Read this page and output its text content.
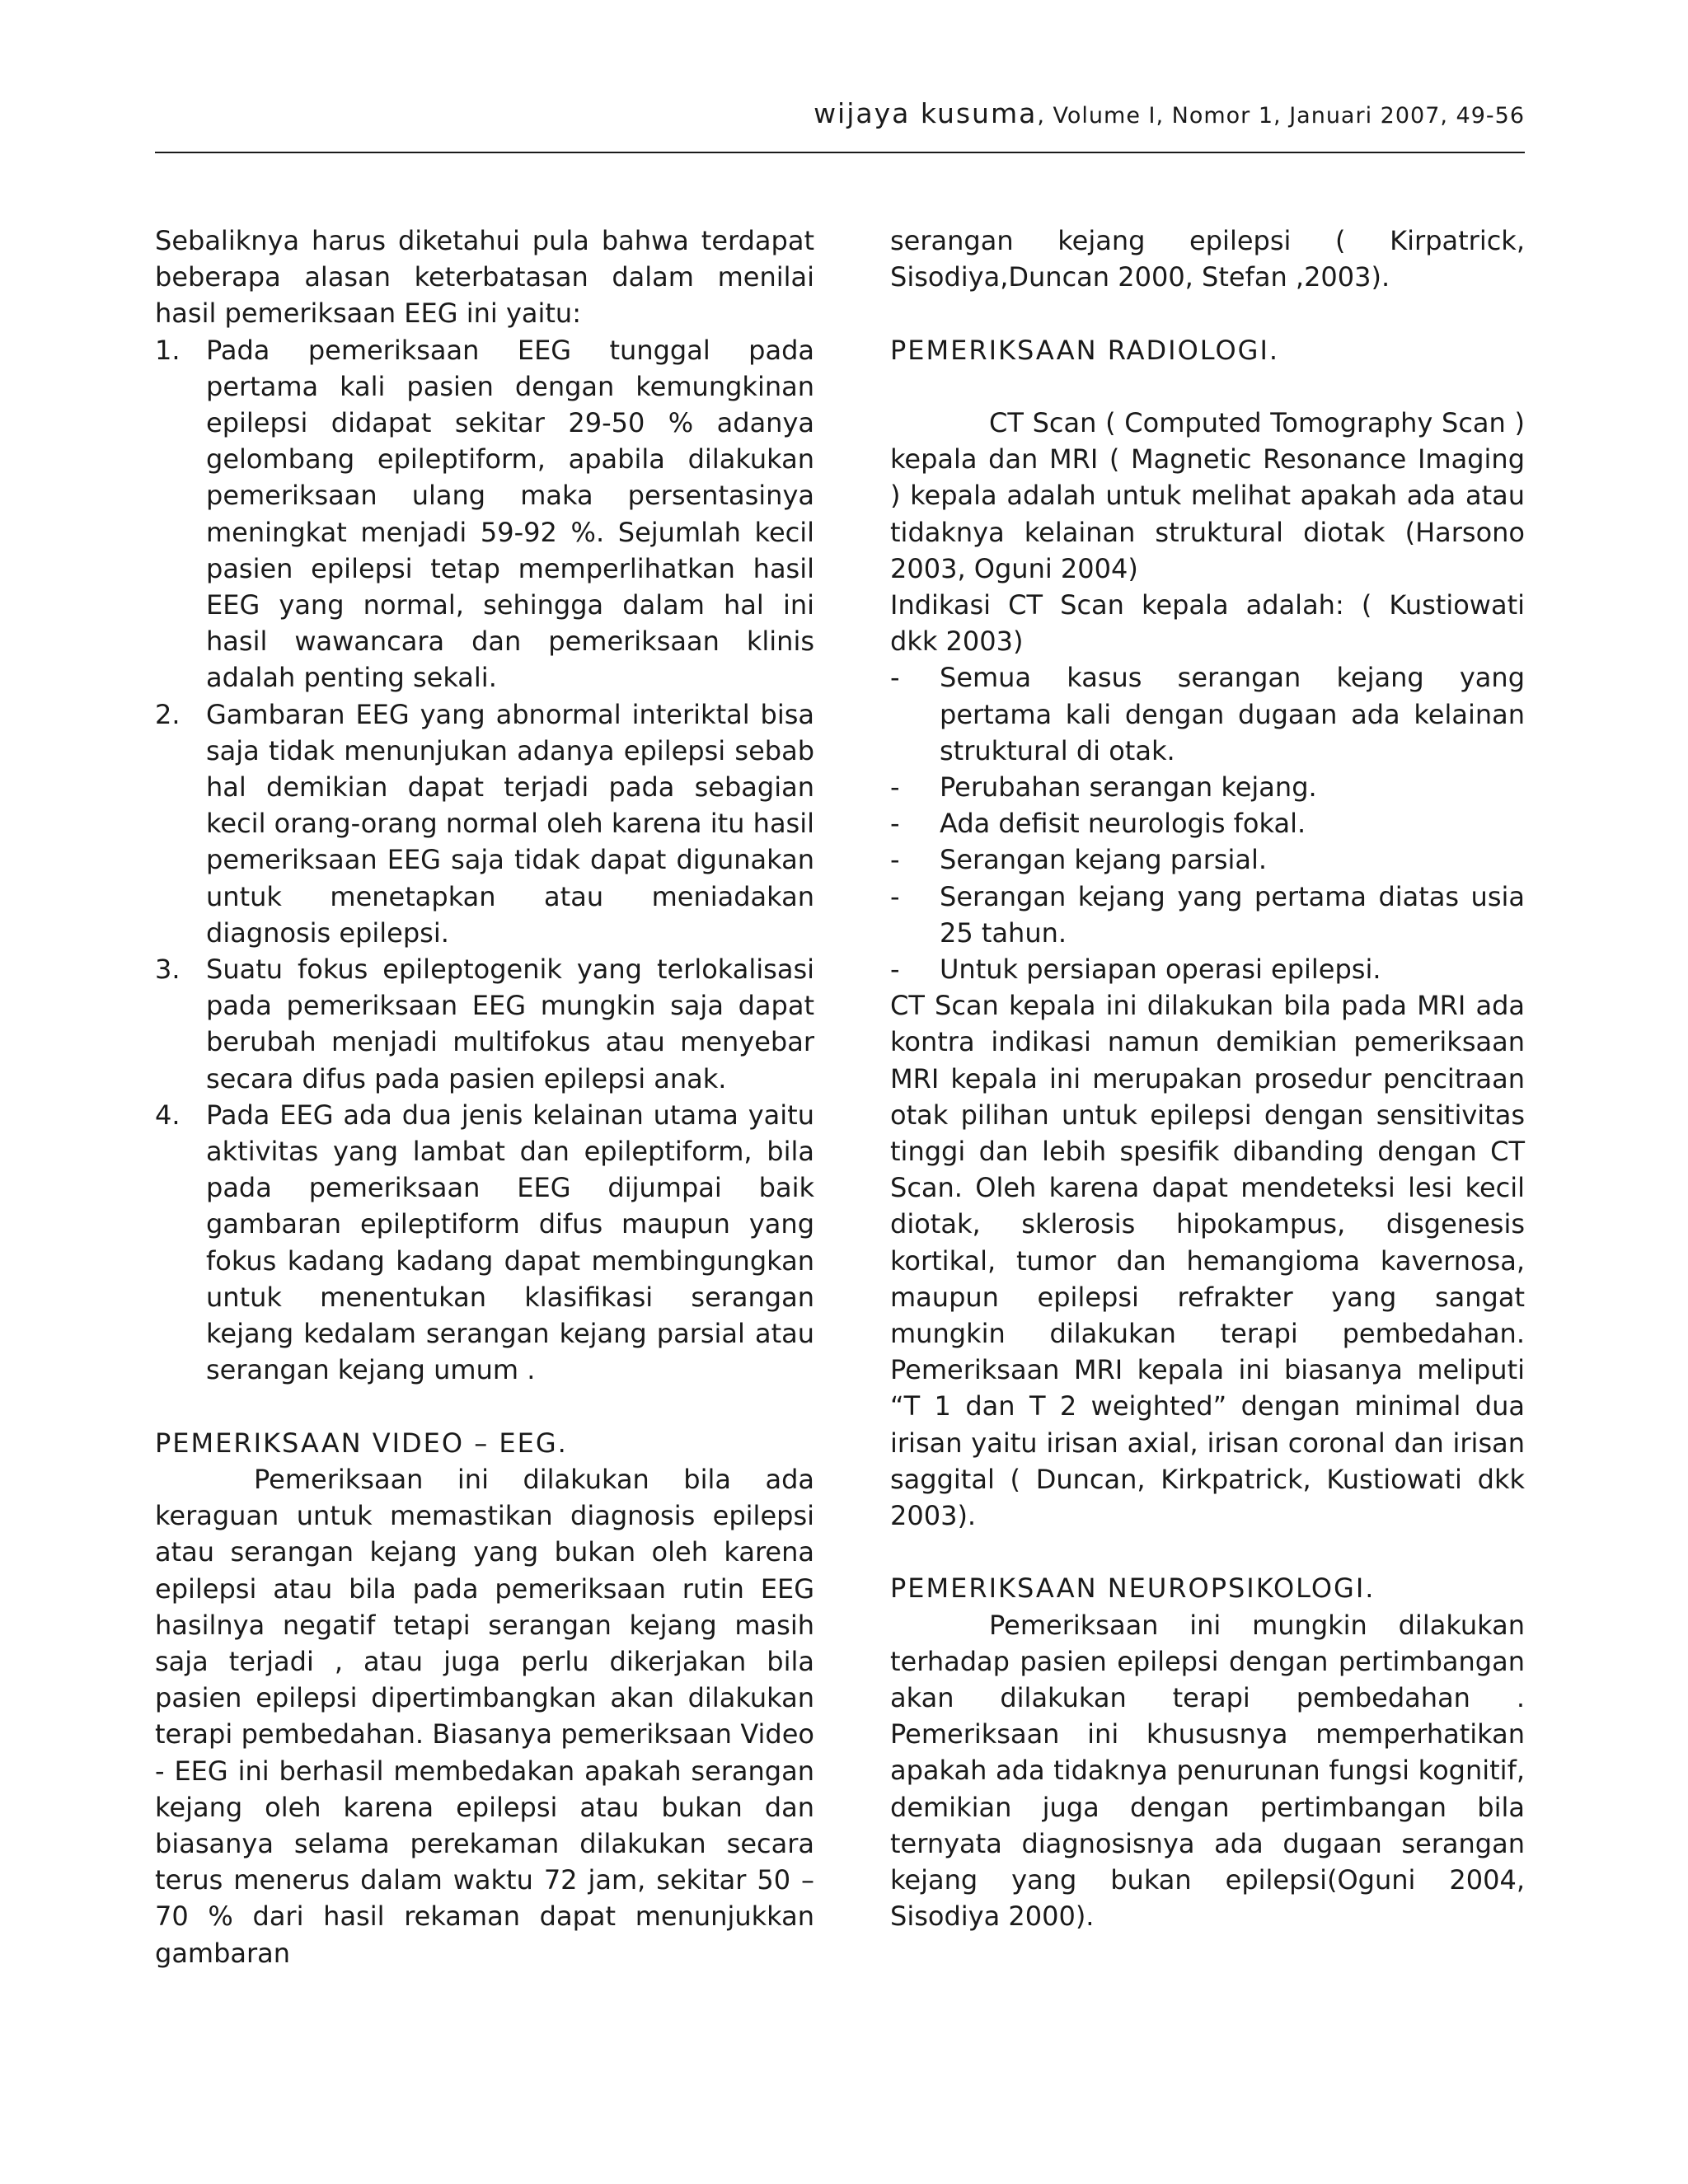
wijaya kusuma, Volume I, Nomor 1, Januari 2007, 49-56

Sebaliknya harus diketahui pula bahwa terdapat beberapa alasan keterbatasan dalam menilai hasil pemeriksaan EEG ini yaitu:

1. Pada pemeriksaan EEG tunggal pada pertama kali pasien dengan kemungkinan epilepsi didapat sekitar 29-50 % adanya gelombang epileptiform, apabila dilakukan pemeriksaan ulang maka persentasinya meningkat menjadi 59-92 %. Sejumlah kecil pasien epilepsi tetap memperlihatkan hasil EEG yang normal, sehingga dalam hal ini hasil wawancara dan pemeriksaan klinis adalah penting sekali.
2. Gambaran EEG yang abnormal interiktal bisa saja tidak menunjukan adanya epilepsi sebab hal demikian dapat terjadi pada sebagian kecil orang-orang normal oleh karena itu hasil pemeriksaan EEG saja tidak dapat digunakan untuk menetapkan atau meniadakan diagnosis epilepsi.
3. Suatu fokus epileptogenik yang terlokalisasi pada pemeriksaan EEG mungkin saja dapat berubah menjadi multifokus atau menyebar secara difus pada pasien epilepsi anak.
4. Pada EEG ada dua jenis kelainan utama yaitu aktivitas yang lambat dan epileptiform, bila pada pemeriksaan EEG dijumpai baik gambaran epileptiform difus maupun yang fokus kadang kadang dapat membingungkan untuk menentukan klasifikasi serangan kejang kedalam serangan kejang parsial atau serangan kejang umum .

PEMERIKSAAN VIDEO – EEG.

Pemeriksaan ini dilakukan bila ada keraguan untuk memastikan diagnosis epilepsi atau serangan kejang yang bukan oleh karena epilepsi atau bila pada pemeriksaan rutin EEG hasilnya negatif tetapi serangan kejang masih saja terjadi , atau juga perlu dikerjakan bila pasien epilepsi dipertimbangkan akan dilakukan terapi pembedahan. Biasanya pemeriksaan Video - EEG ini berhasil membedakan apakah serangan kejang oleh karena epilepsi atau bukan dan biasanya selama perekaman dilakukan secara terus menerus dalam waktu 72 jam, sekitar 50 – 70 % dari hasil rekaman dapat menunjukkan gambaran

serangan kejang epilepsi ( Kirpatrick, Sisodiya,Duncan 2000, Stefan ,2003).

PEMERIKSAAN RADIOLOGI.

CT Scan ( Computed Tomography Scan ) kepala dan MRI ( Magnetic Resonance Imaging ) kepala adalah untuk melihat apakah ada atau tidaknya kelainan struktural diotak (Harsono 2003, Oguni 2004)

Indikasi CT Scan kepala adalah: ( Kustiowati dkk 2003)

- Semua kasus serangan kejang yang pertama kali dengan dugaan ada kelainan struktural di otak.
- Perubahan serangan kejang.
- Ada defisit neurologis fokal.
- Serangan kejang parsial.
- Serangan kejang yang pertama diatas usia 25 tahun.
- Untuk persiapan operasi epilepsi.

CT Scan kepala ini dilakukan bila pada MRI ada kontra indikasi namun demikian pemeriksaan MRI kepala ini merupakan prosedur pencitraan otak pilihan untuk epilepsi dengan sensitivitas tinggi dan lebih spesifik dibanding dengan CT Scan. Oleh karena dapat mendeteksi lesi kecil diotak, sklerosis hipokampus, disgenesis kortikal, tumor dan hemangioma kavernosa, maupun epilepsi refrakter yang sangat mungkin dilakukan terapi pembedahan. Pemeriksaan MRI kepala ini biasanya meliputi “T 1 dan T 2 weighted” dengan minimal dua irisan yaitu irisan axial, irisan coronal dan irisan saggital ( Duncan, Kirkpatrick, Kustiowati dkk 2003).

PEMERIKSAAN NEUROPSIKOLOGI.

Pemeriksaan ini mungkin dilakukan terhadap pasien epilepsi dengan pertimbangan akan dilakukan terapi pembedahan . Pemeriksaan ini khususnya memperhatikan apakah ada tidaknya penurunan fungsi kognitif, demikian juga dengan pertimbangan bila ternyata diagnosisnya ada dugaan serangan kejang yang bukan epilepsi(Oguni 2004, Sisodiya 2000).
